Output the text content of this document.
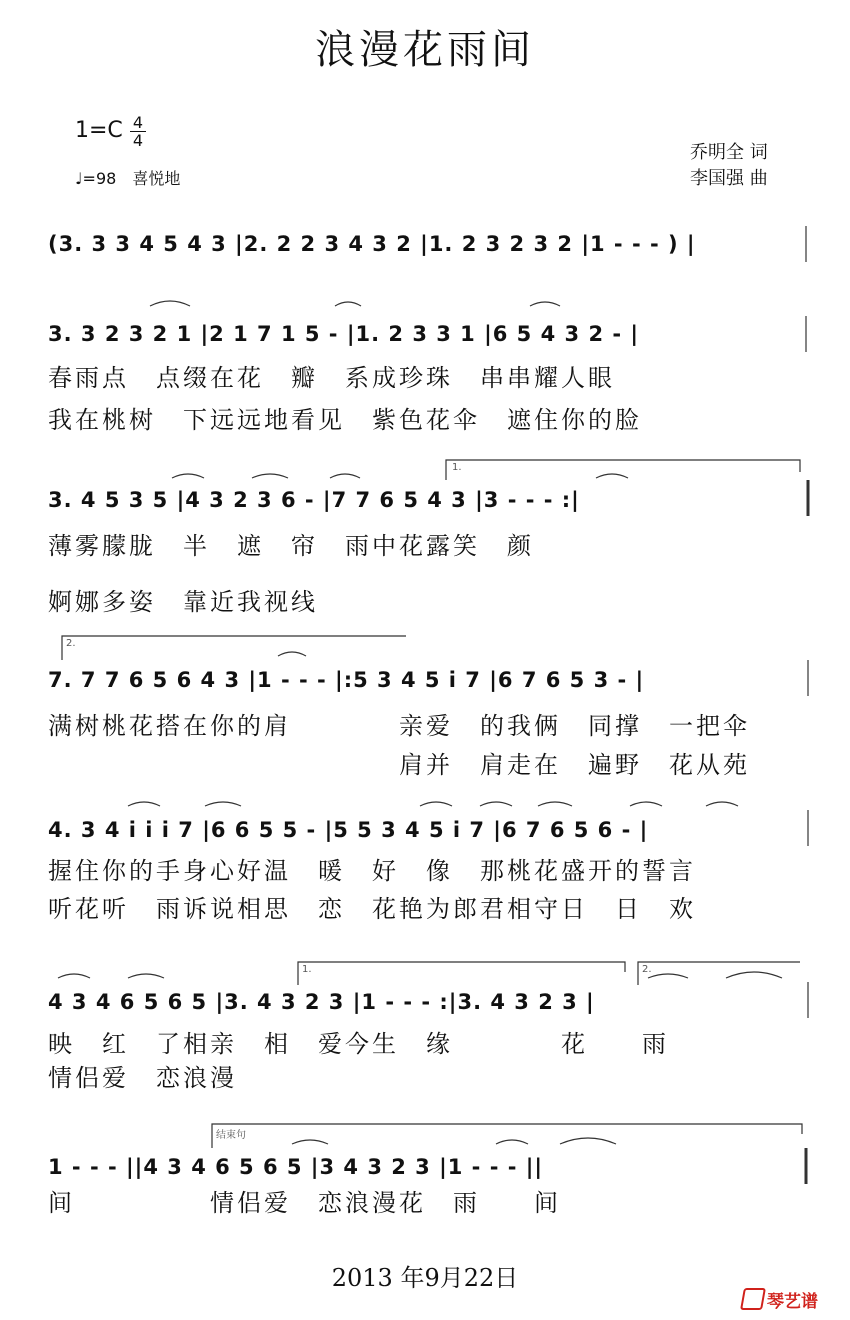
浪漫花雨间
$1=C \frac{4}{4}$
♩=98　喜悦地
乔明全 词
李国强 曲
(3. 3 3 4 5 4 3 |2. 2 2 3 4 3 2 |1. 2 3 2 3 2 |1 - - - ) |
3. 3 2 3 2 1 |2 1 7 1 5 - |1. 2 3 3 1 |6 5 4 3 2 - |
春雨点　点缀在花　瓣　系成珍珠　串串耀人眼
我在桃树　下远远地看见　紫色花伞　遮住你的脸
3. 4 5 3 5 |4 3 2 3 6 - |7 7 6 5 4 3 |3 - - - :|
薄雾朦胧　半　遮　帘　雨中花露笑　颜
婀娜多姿　靠近我视线
7. 7 7 6 5 6 4 3 |1 - - - |:5 3 4 5 i 7 |6 7 6 5 3 - |
满树桃花搭在你的肩　　　　亲爱　的我俩　同撑　一把伞
　　　　　　　　　　　　　肩并　肩走在　遍野　花从苑
4. 3 4 i i i 7 |6 6 5 5 - |5 5 3 4 5 i 7 |6 7 6 5 6 - |
握住你的手身心好温　暖　好　像　那桃花盛开的誓言
听花听　雨诉说相思　恋　花艳为郎君相守日　日　欢
4 3 4 6 5 6 5 |3. 4 3 2 3 |1 - - - :|3. 4 3 2 3 |
映　红　了相亲　相　爱今生　缘　　　　花　　雨
情侣爱　恋浪漫
1 - - - ||4 3 4 6 5 6 5 |3 4 3 2 3 |1 - - - ||
间　　　　　情侣爱　恋浪漫花　雨　　间
1.
2.
1.	2.
结束句
2013 年9月22日
琴艺谱
